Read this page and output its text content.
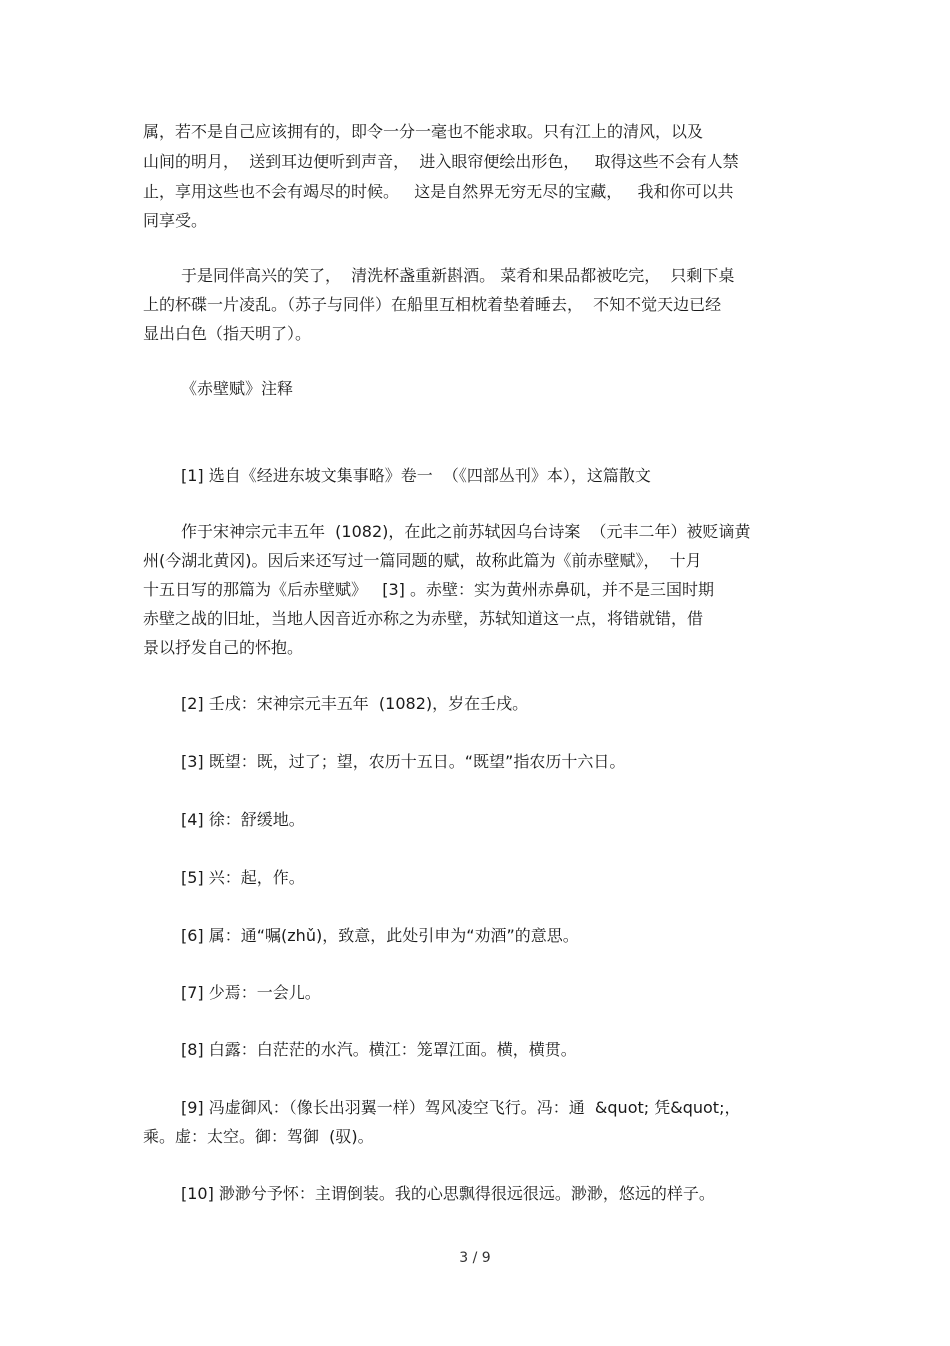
属，若不是自己应该拥有的，即令一分一毫也不能求取。只有江上的清风，以及
山间的明月，  送到耳边便听到声音，  进入眼帘便绘出形色，   取得这些不会有人禁
止，享用这些也不会有竭尽的时候。   这是自然界无穷无尽的宝藏，   我和你可以共
同享受。
于是同伴高兴的笑了，  清洗杯盏重新斟酒。 菜肴和果品都被吃完，  只剩下桌
上的杯碟一片凌乱。（苏子与同伴）在船里互相枕着垫着睡去，  不知不觉天边已经
显出白色（指天明了）。
《赤壁赋》注释
[1] 选自《经进东坡文集事略》卷一  （《四部丛刊》本），这篇散文
作于宋神宗元丰五年  (1082)，在此之前苏轼因乌台诗案  （元丰二年）被贬谪黄
州(今湖北黄冈)。因后来还写过一篇同题的赋，故称此篇为《前赤壁赋》，  十月
十五日写的那篇为《后赤壁赋》   [3] 。赤壁：实为黄州赤鼻矶，并不是三国时期
赤壁之战的旧址，当地人因音近亦称之为赤壁，苏轼知道这一点，将错就错，借
景以抒发自己的怀抱。
[2] 壬戌：宋神宗元丰五年  (1082)，岁在壬戌。
[3] 既望：既，过了；望，农历十五日。“既望”指农历十六日。
[4] 徐：舒缓地。
[5] 兴：起，作。
[6] 属：通“嘱(zhǔ)，致意，此处引申为“劝酒”的意思。
[7] 少焉：一会儿。
[8] 白露：白茫茫的水汽。横江：笼罩江面。横，横贯。
[9] 冯虚御风：（像长出羽翼一样）驾风凌空飞行。冯：通  &quot; 凭&quot;，
乘。虚：太空。御：驾御  (驭)。
[10] 渺渺兮予怀：主谓倒装。我的心思飘得很远很远。渺渺，悠远的样子。
3 / 9
